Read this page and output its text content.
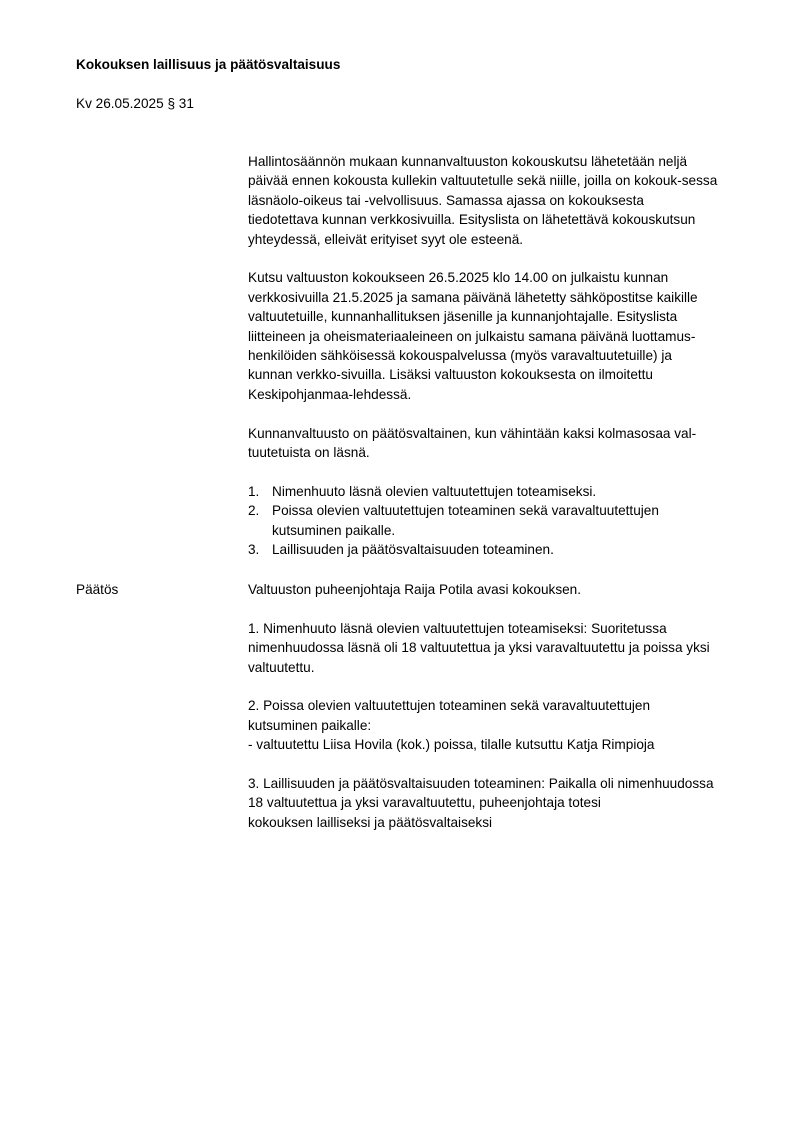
Kokouksen laillisuus ja päätösvaltaisuus
Kv 26.05.2025 § 31
Hallintosäännön mukaan kunnanvaltuuston kokouskutsu lähetetään neljä
päivää ennen kokousta kullekin valtuutetulle sekä niille, joilla on kokouk-sessa
läsnäolo-oikeus tai -velvollisuus. Samassa ajassa on kokouksesta
tiedotettava kunnan verkkosivuilla. Esityslista on lähetettävä kokouskutsun
yhteydessä, elleivät erityiset syyt ole esteenä.
Kutsu valtuuston kokoukseen 26.5.2025 klo 14.00 on julkaistu kunnan
verkkosivuilla 21.5.2025 ja samana päivänä lähetetty sähköpostitse kaikille
valtuutetuille, kunnanhallituksen jäsenille ja kunnanjohtajalle. Esityslista
liitteineen ja oheismateriaaleineen on julkaistu samana päivänä luottamus-
henkilöiden sähköisessä kokouspalvelussa (myös varavaltuutetuille) ja
kunnan verkko-sivuilla. Lisäksi valtuuston kokouksesta on ilmoitettu
Keskipohjanmaa-lehdessä.
Kunnanvaltuusto on päätösvaltainen, kun vähintään kaksi kolmasosaa val-
tuutetuista on läsnä.
1. Nimenhuuto läsnä olevien valtuutettujen toteamiseksi.
2. Poissa olevien valtuutettujen toteaminen sekä varavaltuutettujen
kutsuminen paikalle.
3. Laillisuuden ja päätösvaltaisuuden toteaminen.
Päätös	Valtuuston puheenjohtaja Raija Potila avasi kokouksen.
1. Nimenhuuto läsnä olevien valtuutettujen toteamiseksi: Suoritetussa
nimenhuudossa läsnä oli 18 valtuutettua ja yksi varavaltuutettu ja poissa yksi
valtuutettu.
2. Poissa olevien valtuutettujen toteaminen sekä varavaltuutettujen
kutsuminen paikalle:
- valtuutettu Liisa Hovila (kok.) poissa, tilalle kutsuttu Katja Rimpioja
3. Laillisuuden ja päätösvaltaisuuden toteaminen: Paikalla oli nimenhuudossa
18 valtuutettua ja yksi varavaltuutettu, puheenjohtaja totesi
kokouksen lailliseksi ja päätösvaltaiseksi
